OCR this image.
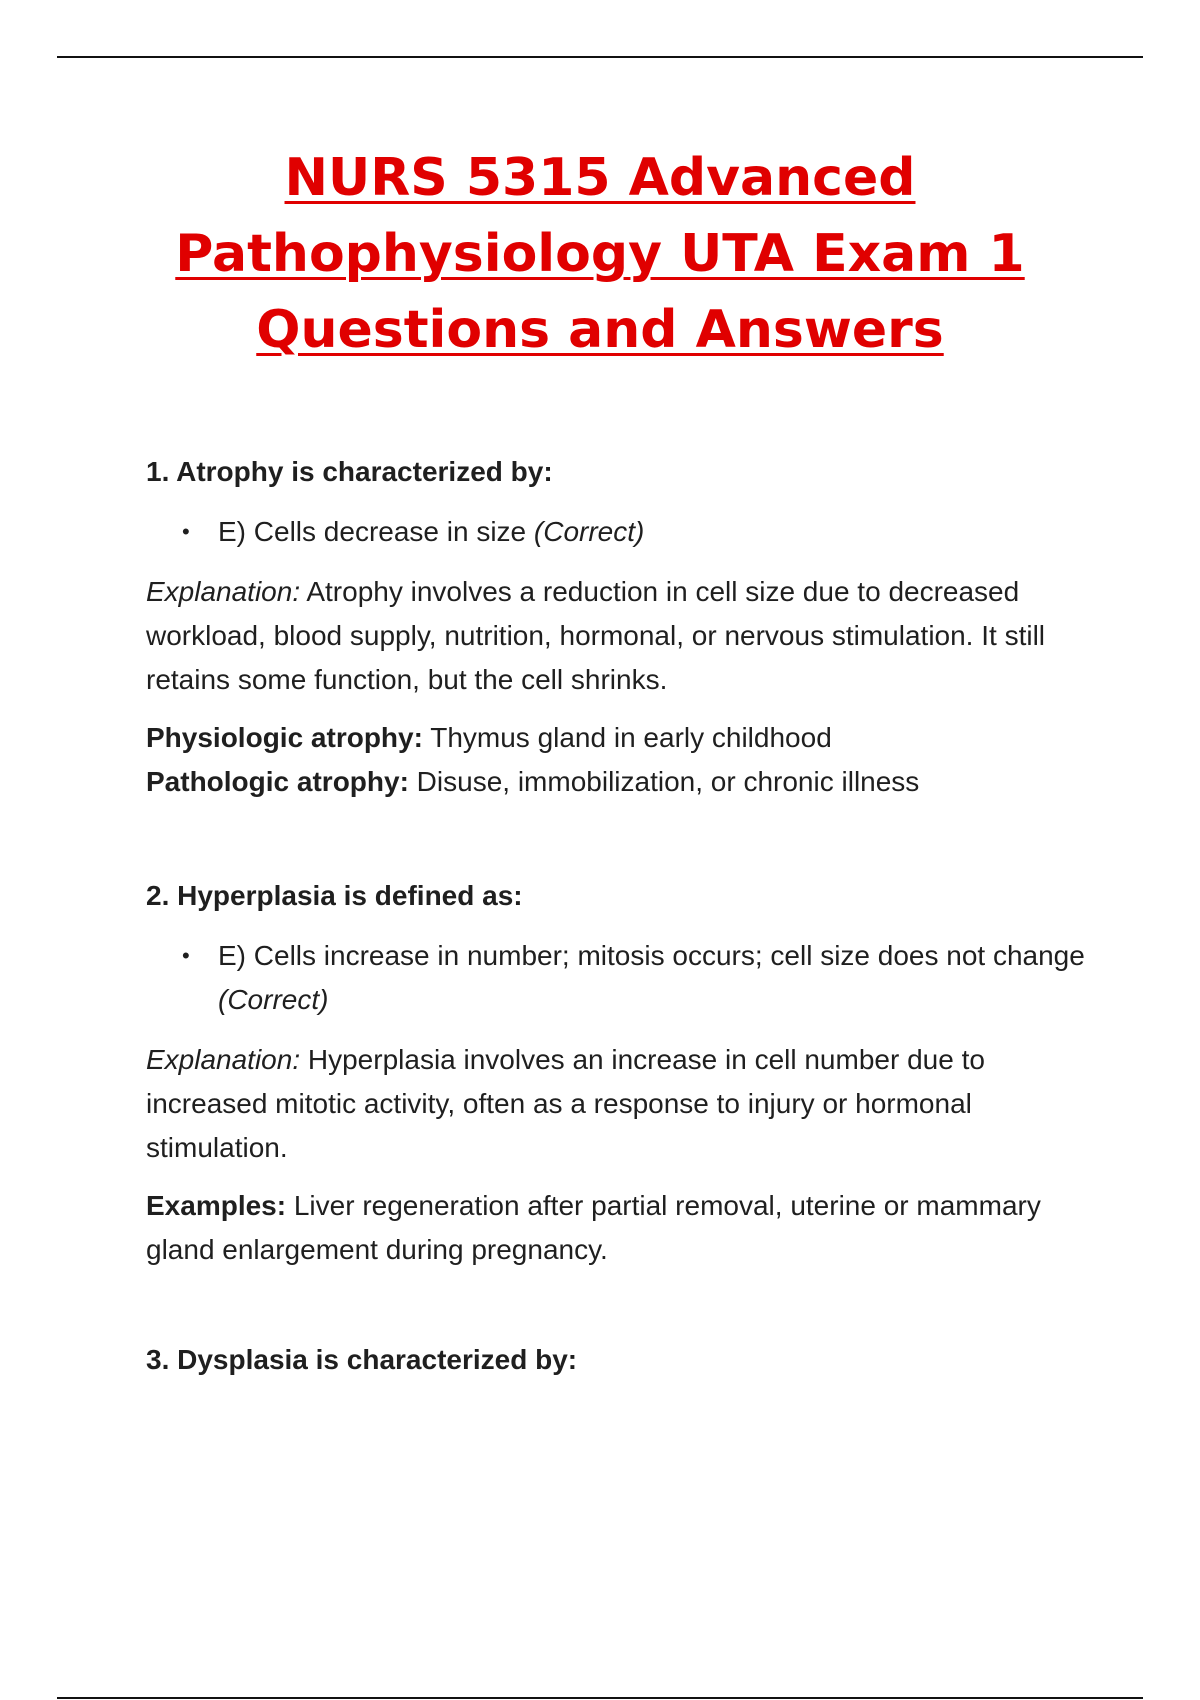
NURS 5315 Advanced
Pathophysiology UTA Exam 1
Questions and Answers

1. Atrophy is characterized by:

• E) Cells decrease in size (Correct)

Explanation: Atrophy involves a reduction in cell size due to decreased workload, blood supply, nutrition, hormonal, or nervous stimulation. It still retains some function, but the cell shrinks.

Physiologic atrophy: Thymus gland in early childhood
Pathologic atrophy: Disuse, immobilization, or chronic illness

2. Hyperplasia is defined as:

• E) Cells increase in number; mitosis occurs; cell size does not change (Correct)

Explanation: Hyperplasia involves an increase in cell number due to increased mitotic activity, often as a response to injury or hormonal stimulation.

Examples: Liver regeneration after partial removal, uterine or mammary gland enlargement during pregnancy.

3. Dysplasia is characterized by:
